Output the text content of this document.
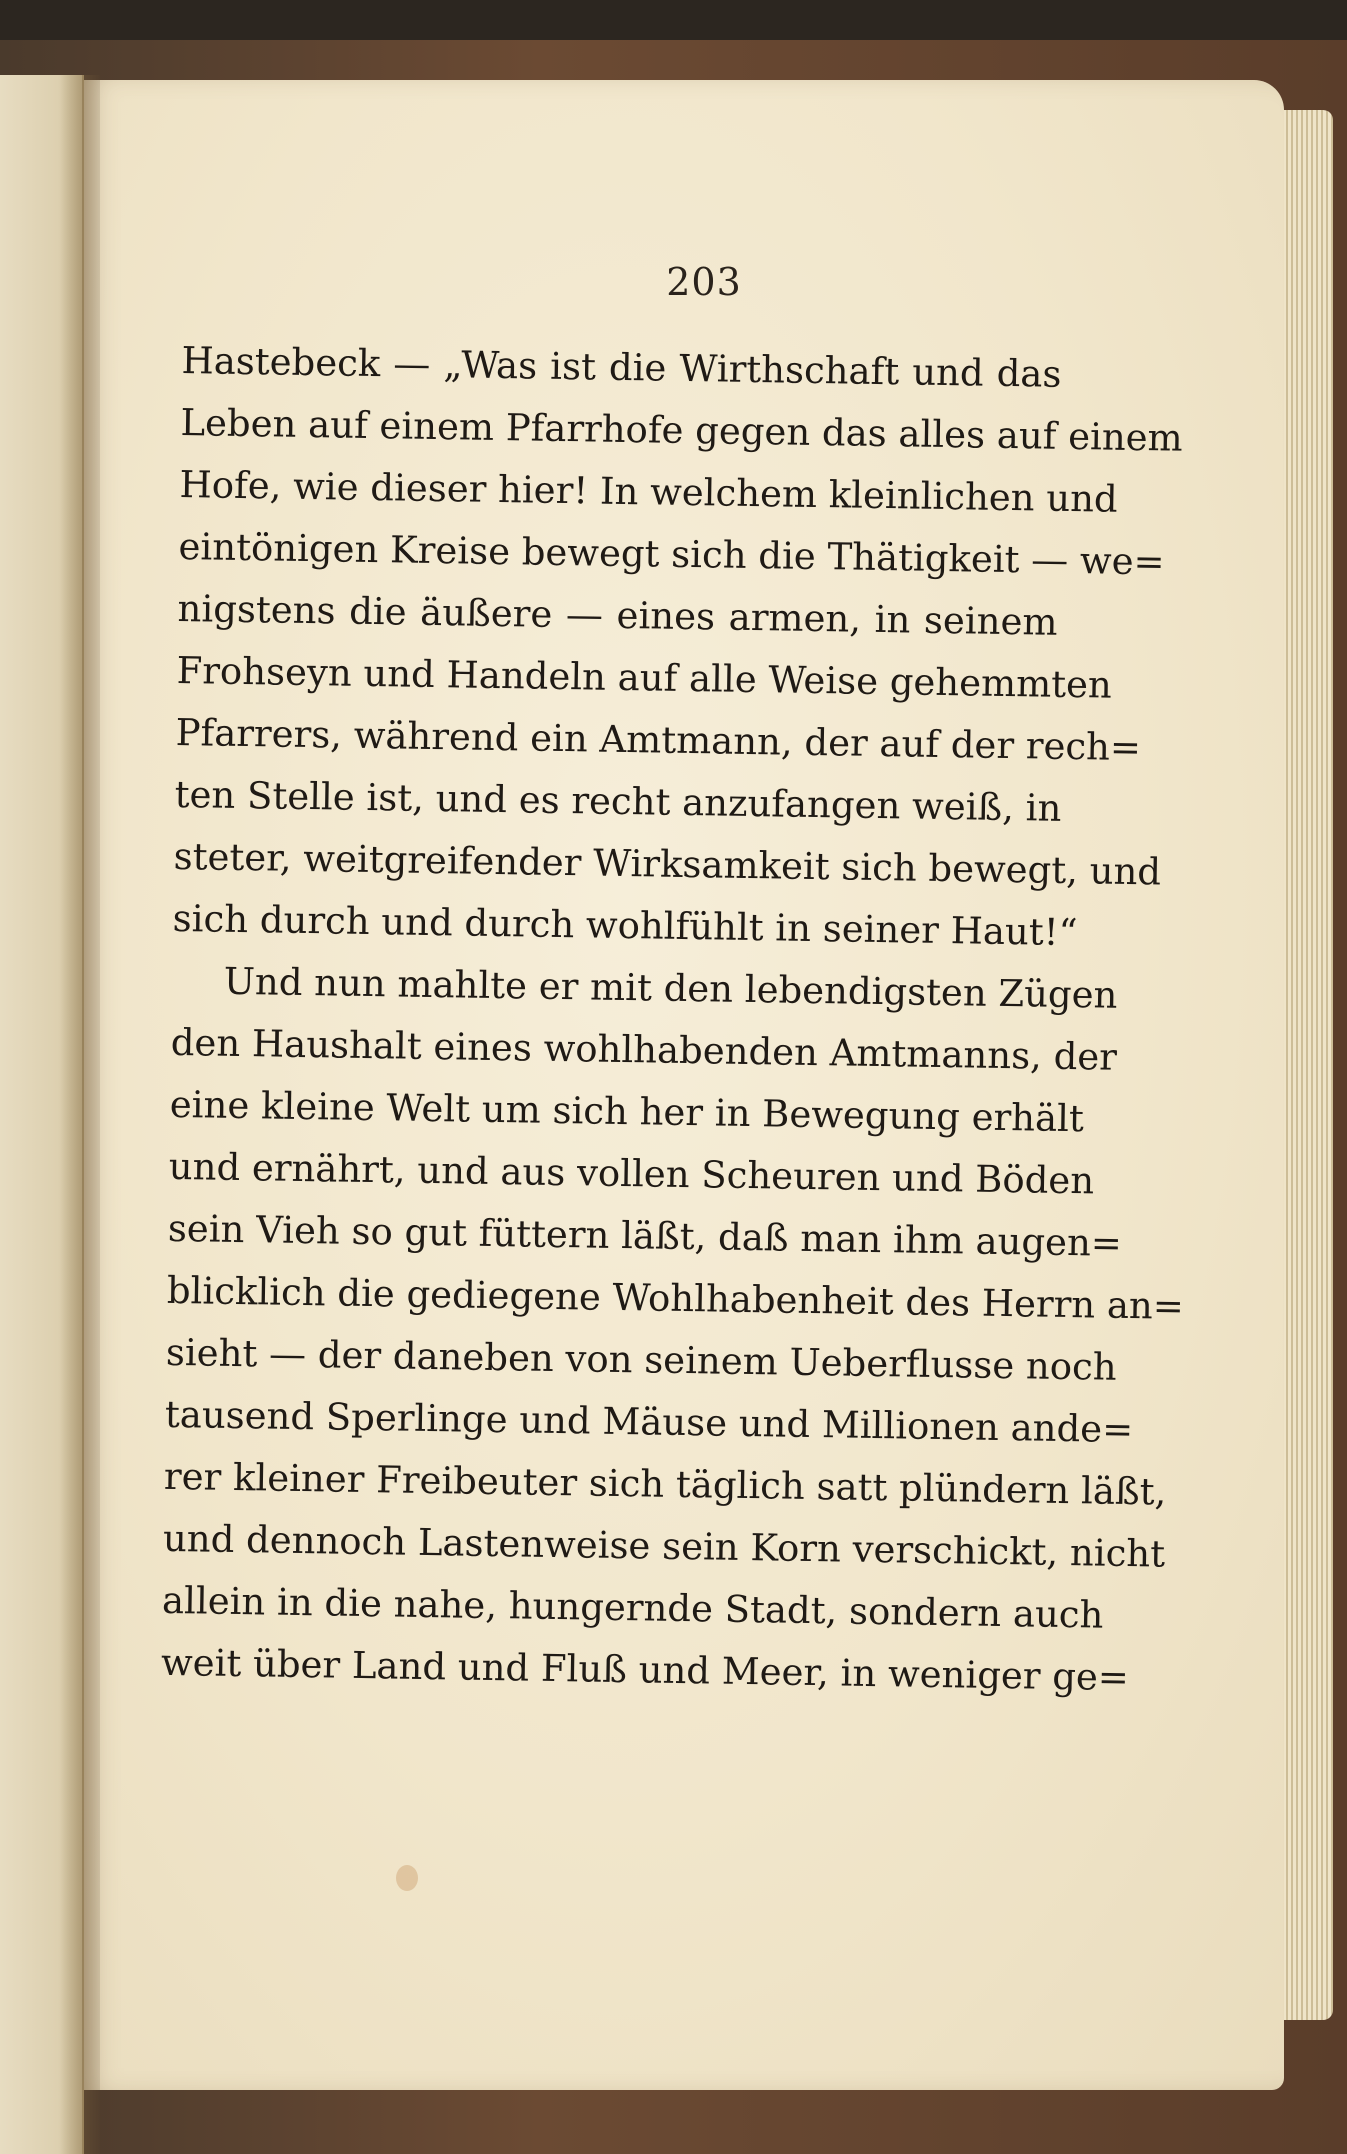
203
Hastebeck — „Was ist die Wirthschaft und das
Leben auf einem Pfarrhofe gegen das alles auf einem
Hofe, wie dieser hier! In welchem kleinlichen und
eintönigen Kreise bewegt sich die Thätigkeit — we=
nigstens die äußere — eines armen, in seinem
Frohseyn und Handeln auf alle Weise gehemmten
Pfarrers, während ein Amtmann, der auf der rech=
ten Stelle ist, und es recht anzufangen weiß, in
steter, weitgreifender Wirksamkeit sich bewegt, und
sich durch und durch wohlfühlt in seiner Haut!“
Und nun mahlte er mit den lebendigsten Zügen
den Haushalt eines wohlhabenden Amtmanns, der
eine kleine Welt um sich her in Bewegung erhält
und ernährt, und aus vollen Scheuren und Böden
sein Vieh so gut füttern läßt, daß man ihm augen=
blicklich die gediegene Wohlhabenheit des Herrn an=
sieht — der daneben von seinem Ueberflusse noch
tausend Sperlinge und Mäuse und Millionen ande=
rer kleiner Freibeuter sich täglich satt plündern läßt,
und dennoch Lastenweise sein Korn verschickt, nicht
allein in die nahe, hungernde Stadt, sondern auch
weit über Land und Fluß und Meer, in weniger ge=
